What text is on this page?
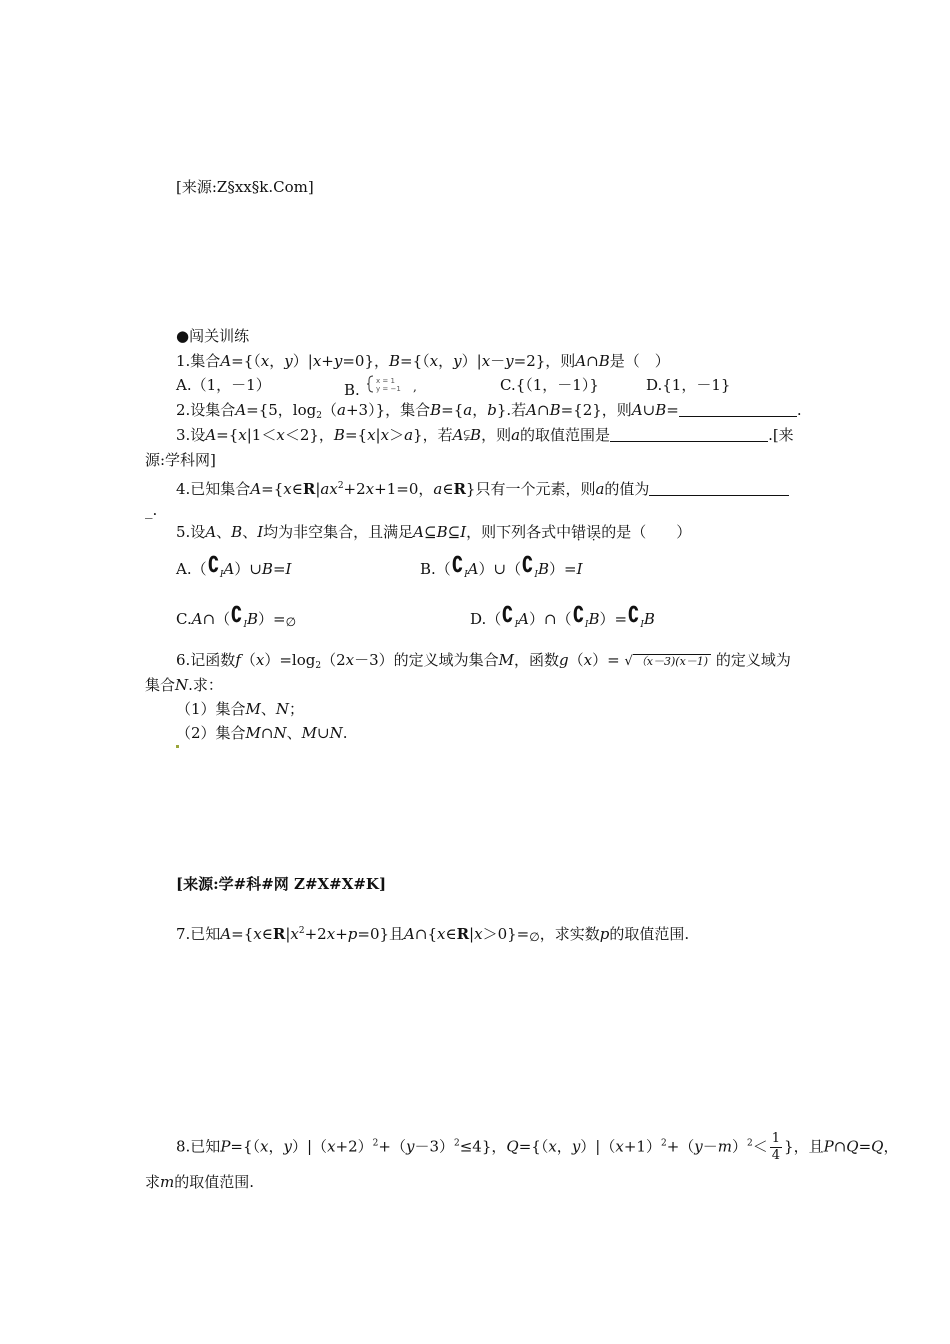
[来源:Z§xx§k.Com]
●闯关训练
1.集合A={（x，y）|x+y=0}，B={（x，y）|x－y=2}，则A∩B是（　）
A.（1，－1）	B. x = 1
y = −1 ,	C.{（1，－1）}	D.{1，－1}
2.设集合A={5，$\log_2(a+3)$}，集合B={a，b}.若A∩B={2}，则A∪B=	.
3.设A={x|1＜x＜2}，B={x|x＞a}，若A⫋B，则a的取值范围是	.[来
源:学科网]
4.已知集合$A=\{x\in R|ax^2+2x+1=0$，a∈R}只有一个元素，则a的值为
_.
5.设A、B、I均为非空集合，且满足A⊆B⊆I，则下列各式中错误的是（　　）
$A.(∁_IA)\cup B=I$	$B.(∁_IA)\cup(∁_IB)=I$
$C.A\cap(∁_IB)=\emptyset$	$D.(∁_IA)\cap(∁_IB)=∁_IB$
6.记函数$f(x)=\log_2(2x-3)$的定义域为集合M，函数g（x）= √ （x－3)(x－1) 的定义域为
集合N.求：
（1）集合M、N；
（2）集合M∩N、M∪N.
[来源:学#科#网 Z#X#X#K]
7.已知$A=\{x\in R|x^2+2x+p=0\}$且A∩{x∈R|x＞0}=∅，求实数p的取值范围.
8.已知P={（x，$y)|(x+2)^2+(y-3)^2\le 4$}，Q={（x，$y)|(x+1)^2+(y-m)^2< \frac{1}{4}$ }，且P∩Q=Q，
求m的取值范围.
